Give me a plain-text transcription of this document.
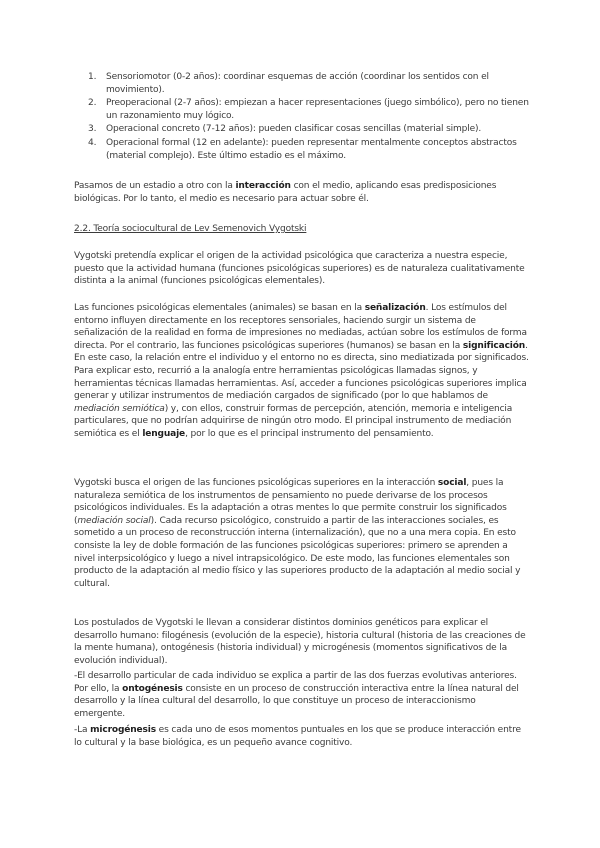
1. Sensoriomotor (0-2 años): coordinar esquemas de acción (coordinar los sentidos con el movimiento).
2. Preoperacional (2-7 años): empiezan a hacer representaciones (juego simbólico), pero no tienen un razonamiento muy lógico.
3. Operacional concreto (7-12 años): pueden clasificar cosas sencillas (material simple).
4. Operacional formal (12 en adelante): pueden representar mentalmente conceptos abstractos (material complejo). Este último estadio es el máximo.

Pasamos de un estadio a otro con la interacción con el medio, aplicando esas predisposiciones biológicas. Por lo tanto, el medio es necesario para actuar sobre él.

2.2. Teoría sociocultural de Lev Semenovich Vygotski

Vygotski pretendía explicar el origen de la actividad psicológica que caracteriza a nuestra especie, puesto que la actividad humana (funciones psicológicas superiores) es de naturaleza cualitativamente distinta a la animal (funciones psicológicas elementales).

Las funciones psicológicas elementales (animales) se basan en la señalización. Los estímulos del entorno influyen directamente en los receptores sensoriales, haciendo surgir un sistema de señalización de la realidad en forma de impresiones no mediadas, actúan sobre los estímulos de forma directa. Por el contrario, las funciones psicológicas superiores (humanos) se basan en la significación. En este caso, la relación entre el individuo y el entorno no es directa, sino mediatizada por significados. Para explicar esto, recurrió a la analogía entre herramientas psicológicas llamadas signos, y herramientas técnicas llamadas herramientas. Así, acceder a funciones psicológicas superiores implica generar y utilizar instrumentos de mediación cargados de significado (por lo que hablamos de mediación semiótica) y, con ellos, construir formas de percepción, atención, memoria e inteligencia particulares, que no podrían adquirirse de ningún otro modo. El principal instrumento de mediación semiótica es el lenguaje, por lo que es el principal instrumento del pensamiento.

Vygotski busca el origen de las funciones psicológicas superiores en la interacción social, pues la naturaleza semiótica de los instrumentos de pensamiento no puede derivarse de los procesos psicológicos individuales. Es la adaptación a otras mentes lo que permite construir los significados (mediación social). Cada recurso psicológico, construido a partir de las interacciones sociales, es sometido a un proceso de reconstrucción interna (internalización), que no a una mera copia. En esto consiste la ley de doble formación de las funciones psicológicas superiores: primero se aprenden a nivel interpsicológico y luego a nivel intrapsicológico. De este modo, las funciones elementales son producto de la adaptación al medio físico y las superiores producto de la adaptación al medio social y cultural.

Los postulados de Vygotski le llevan a considerar distintos dominios genéticos para explicar el desarrollo humano: filogénesis (evolución de la especie), historia cultural (historia de las creaciones de la mente humana), ontogénesis (historia individual) y microgénesis (momentos significativos de la evolución individual).

-El desarrollo particular de cada individuo se explica a partir de las dos fuerzas evolutivas anteriores. Por ello, la ontogénesis consiste en un proceso de construcción interactiva entre la línea natural del desarrollo y la línea cultural del desarrollo, lo que constituye un proceso de interaccionismo emergente.

-La microgénesis es cada uno de esos momentos puntuales en los que se produce interacción entre lo cultural y la base biológica, es un pequeño avance cognitivo.
